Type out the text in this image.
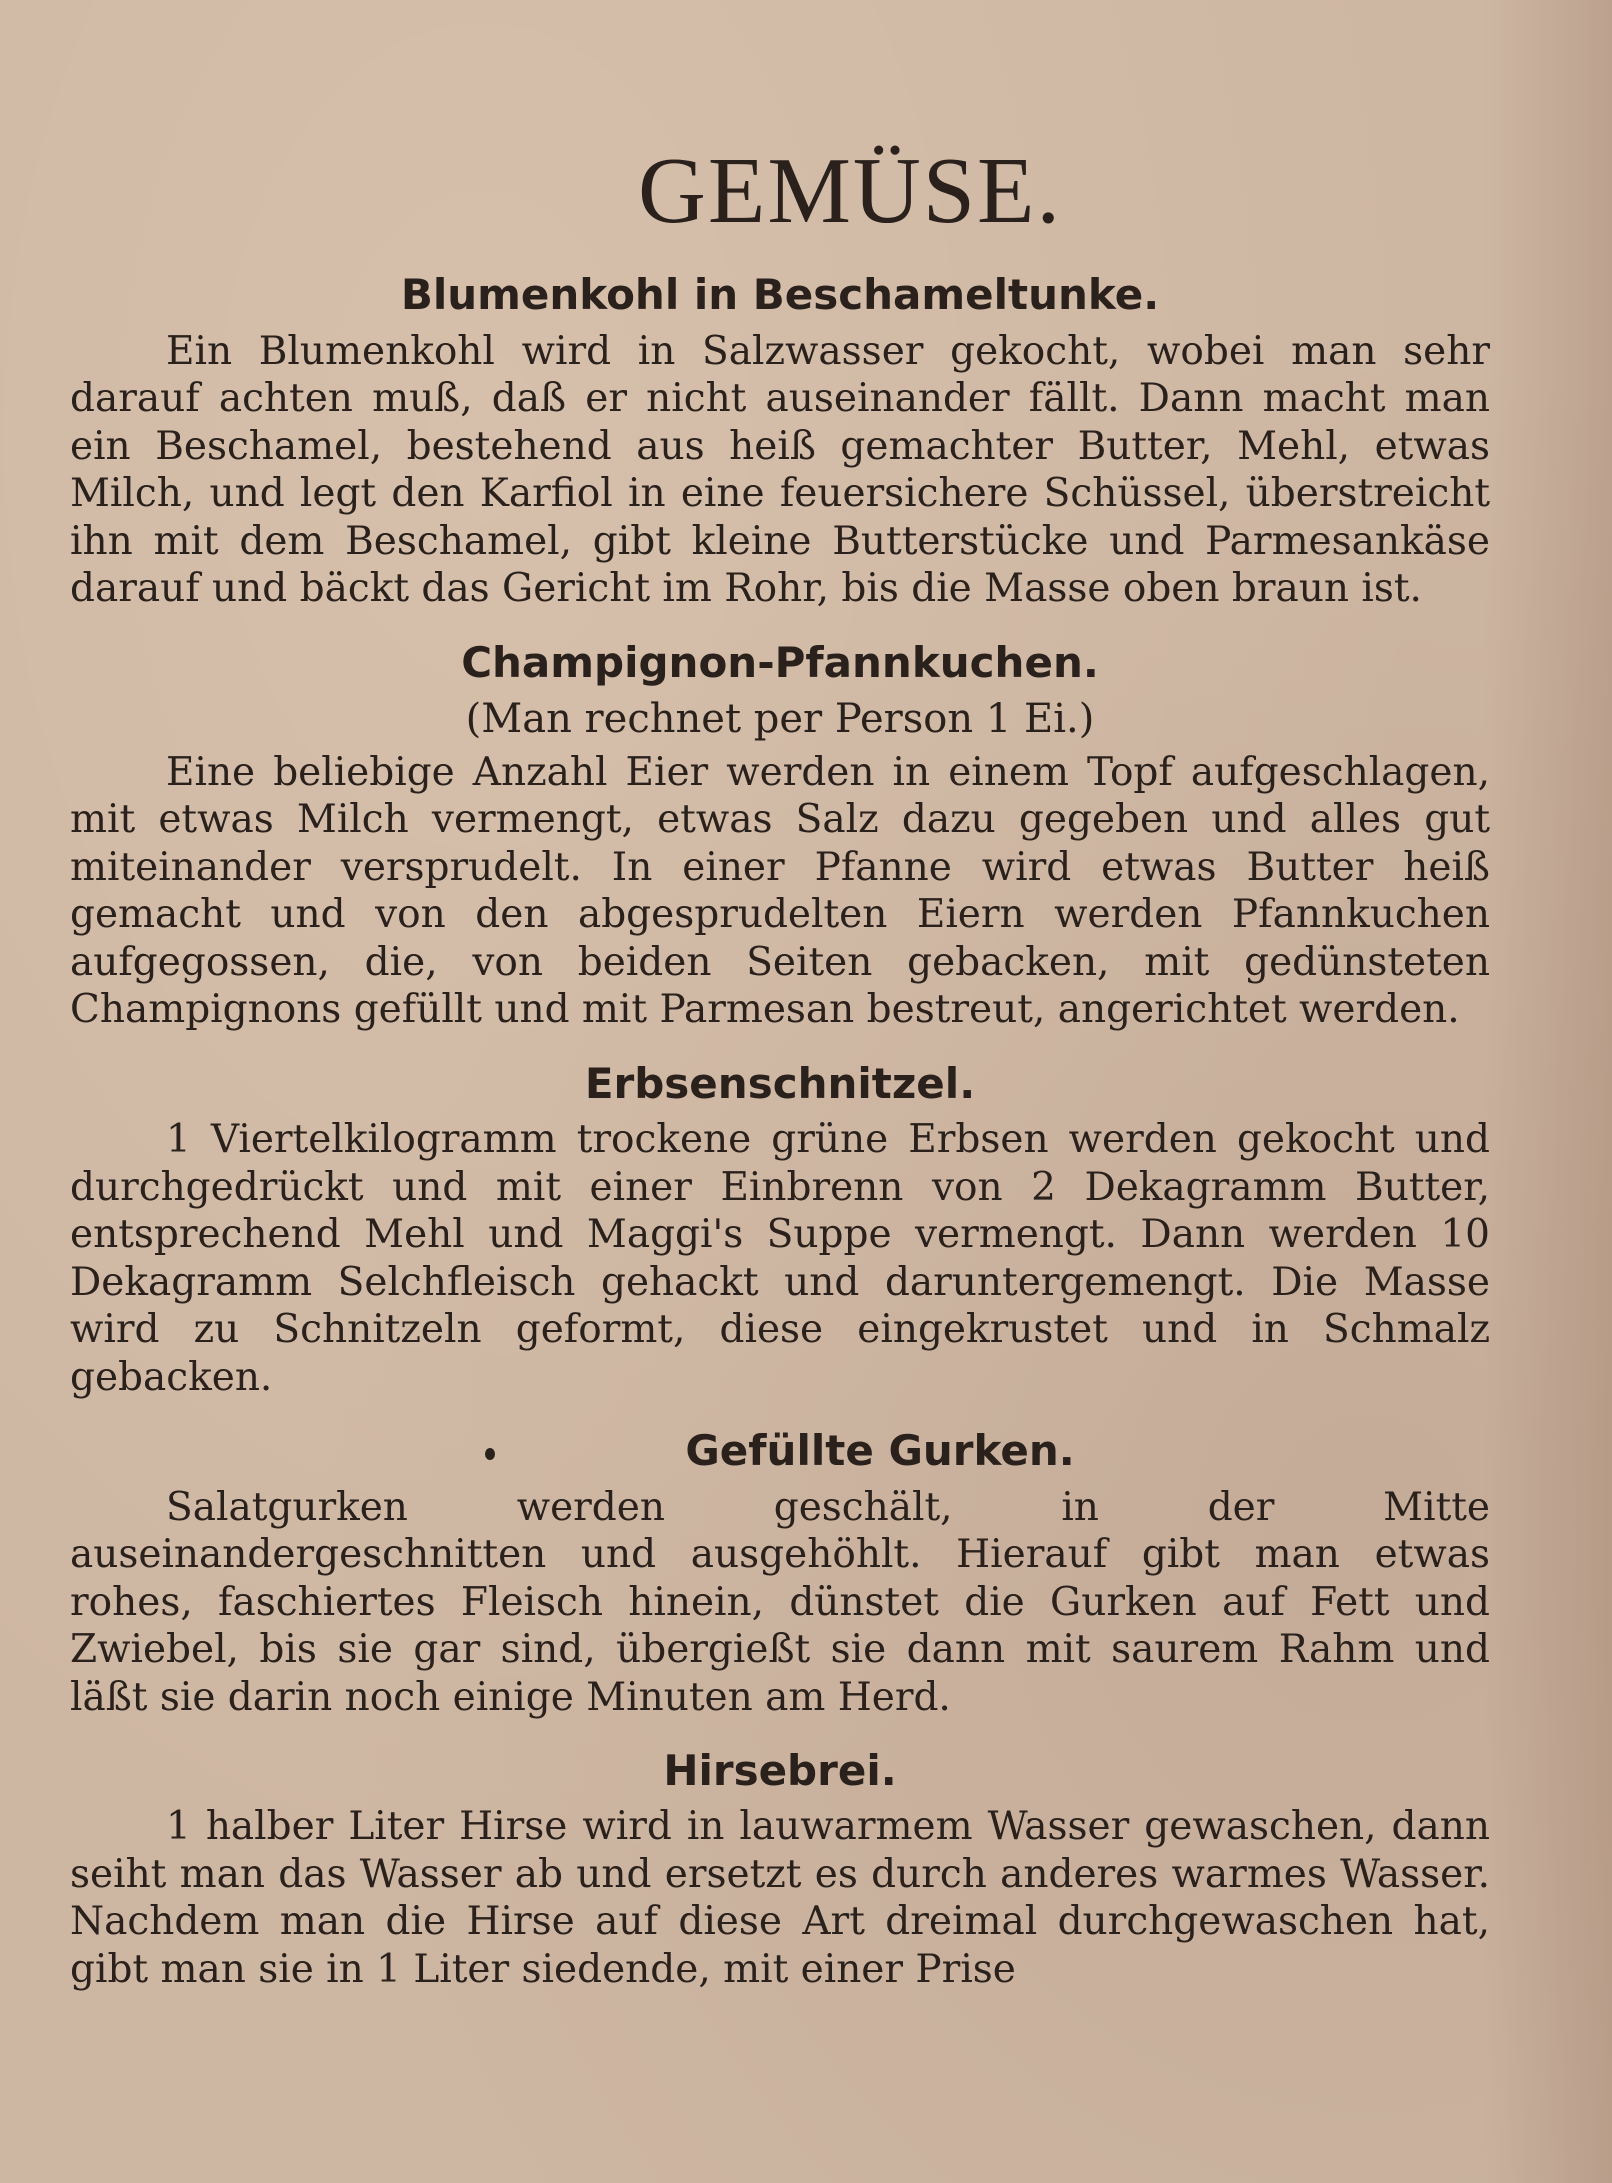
GEMÜSE.
Blumenkohl in Beschameltunke.

Ein Blumenkohl wird in Salzwasser gekocht, wobei man sehr darauf achten muß, daß er nicht auseinander fällt. Dann macht man ein Beschamel, bestehend aus heiß gemachter Butter, Mehl, etwas Milch, und legt den Karfiol in eine feuersichere Schüssel, überstreicht ihn mit dem Beschamel, gibt kleine Butterstücke und Parmesankäse darauf und bäckt das Gericht im Rohr, bis die Masse oben braun ist.

Champignon-Pfannkuchen.
(Man rechnet per Person 1 Ei.)

Eine beliebige Anzahl Eier werden in einem Topf aufgeschlagen, mit etwas Milch vermengt, etwas Salz dazu gegeben und alles gut miteinander versprudelt. In einer Pfanne wird etwas Butter heiß gemacht und von den abgesprudelten Eiern werden Pfannkuchen aufgegossen, die, von beiden Seiten gebacken, mit gedünsteten Champignons gefüllt und mit Parmesan bestreut, angerichtet werden.

Erbsenschnitzel.

1 Viertelkilogramm trockene grüne Erbsen werden gekocht und durchgedrückt und mit einer Einbrenn von 2 Dekagramm Butter, entsprechend Mehl und Maggi's Suppe vermengt. Dann werden 10 Dekagramm Selchfleisch gehackt und daruntergemengt. Die Masse wird zu Schnitzeln geformt, diese eingekrustet und in Schmalz gebacken.

Gefüllte Gurken.

Salatgurken werden geschält, in der Mitte auseinandergeschnitten und ausgehöhlt. Hierauf gibt man etwas rohes, faschiertes Fleisch hinein, dünstet die Gurken auf Fett und Zwiebel, bis sie gar sind, übergießt sie dann mit saurem Rahm und läßt sie darin noch einige Minuten am Herd.

Hirsebrei.

1 halber Liter Hirse wird in lauwarmem Wasser gewaschen, dann seiht man das Wasser ab und ersetzt es durch anderes warmes Wasser. Nachdem man die Hirse auf diese Art dreimal durchgewaschen hat, gibt man sie in 1 Liter siedende, mit einer Prise
